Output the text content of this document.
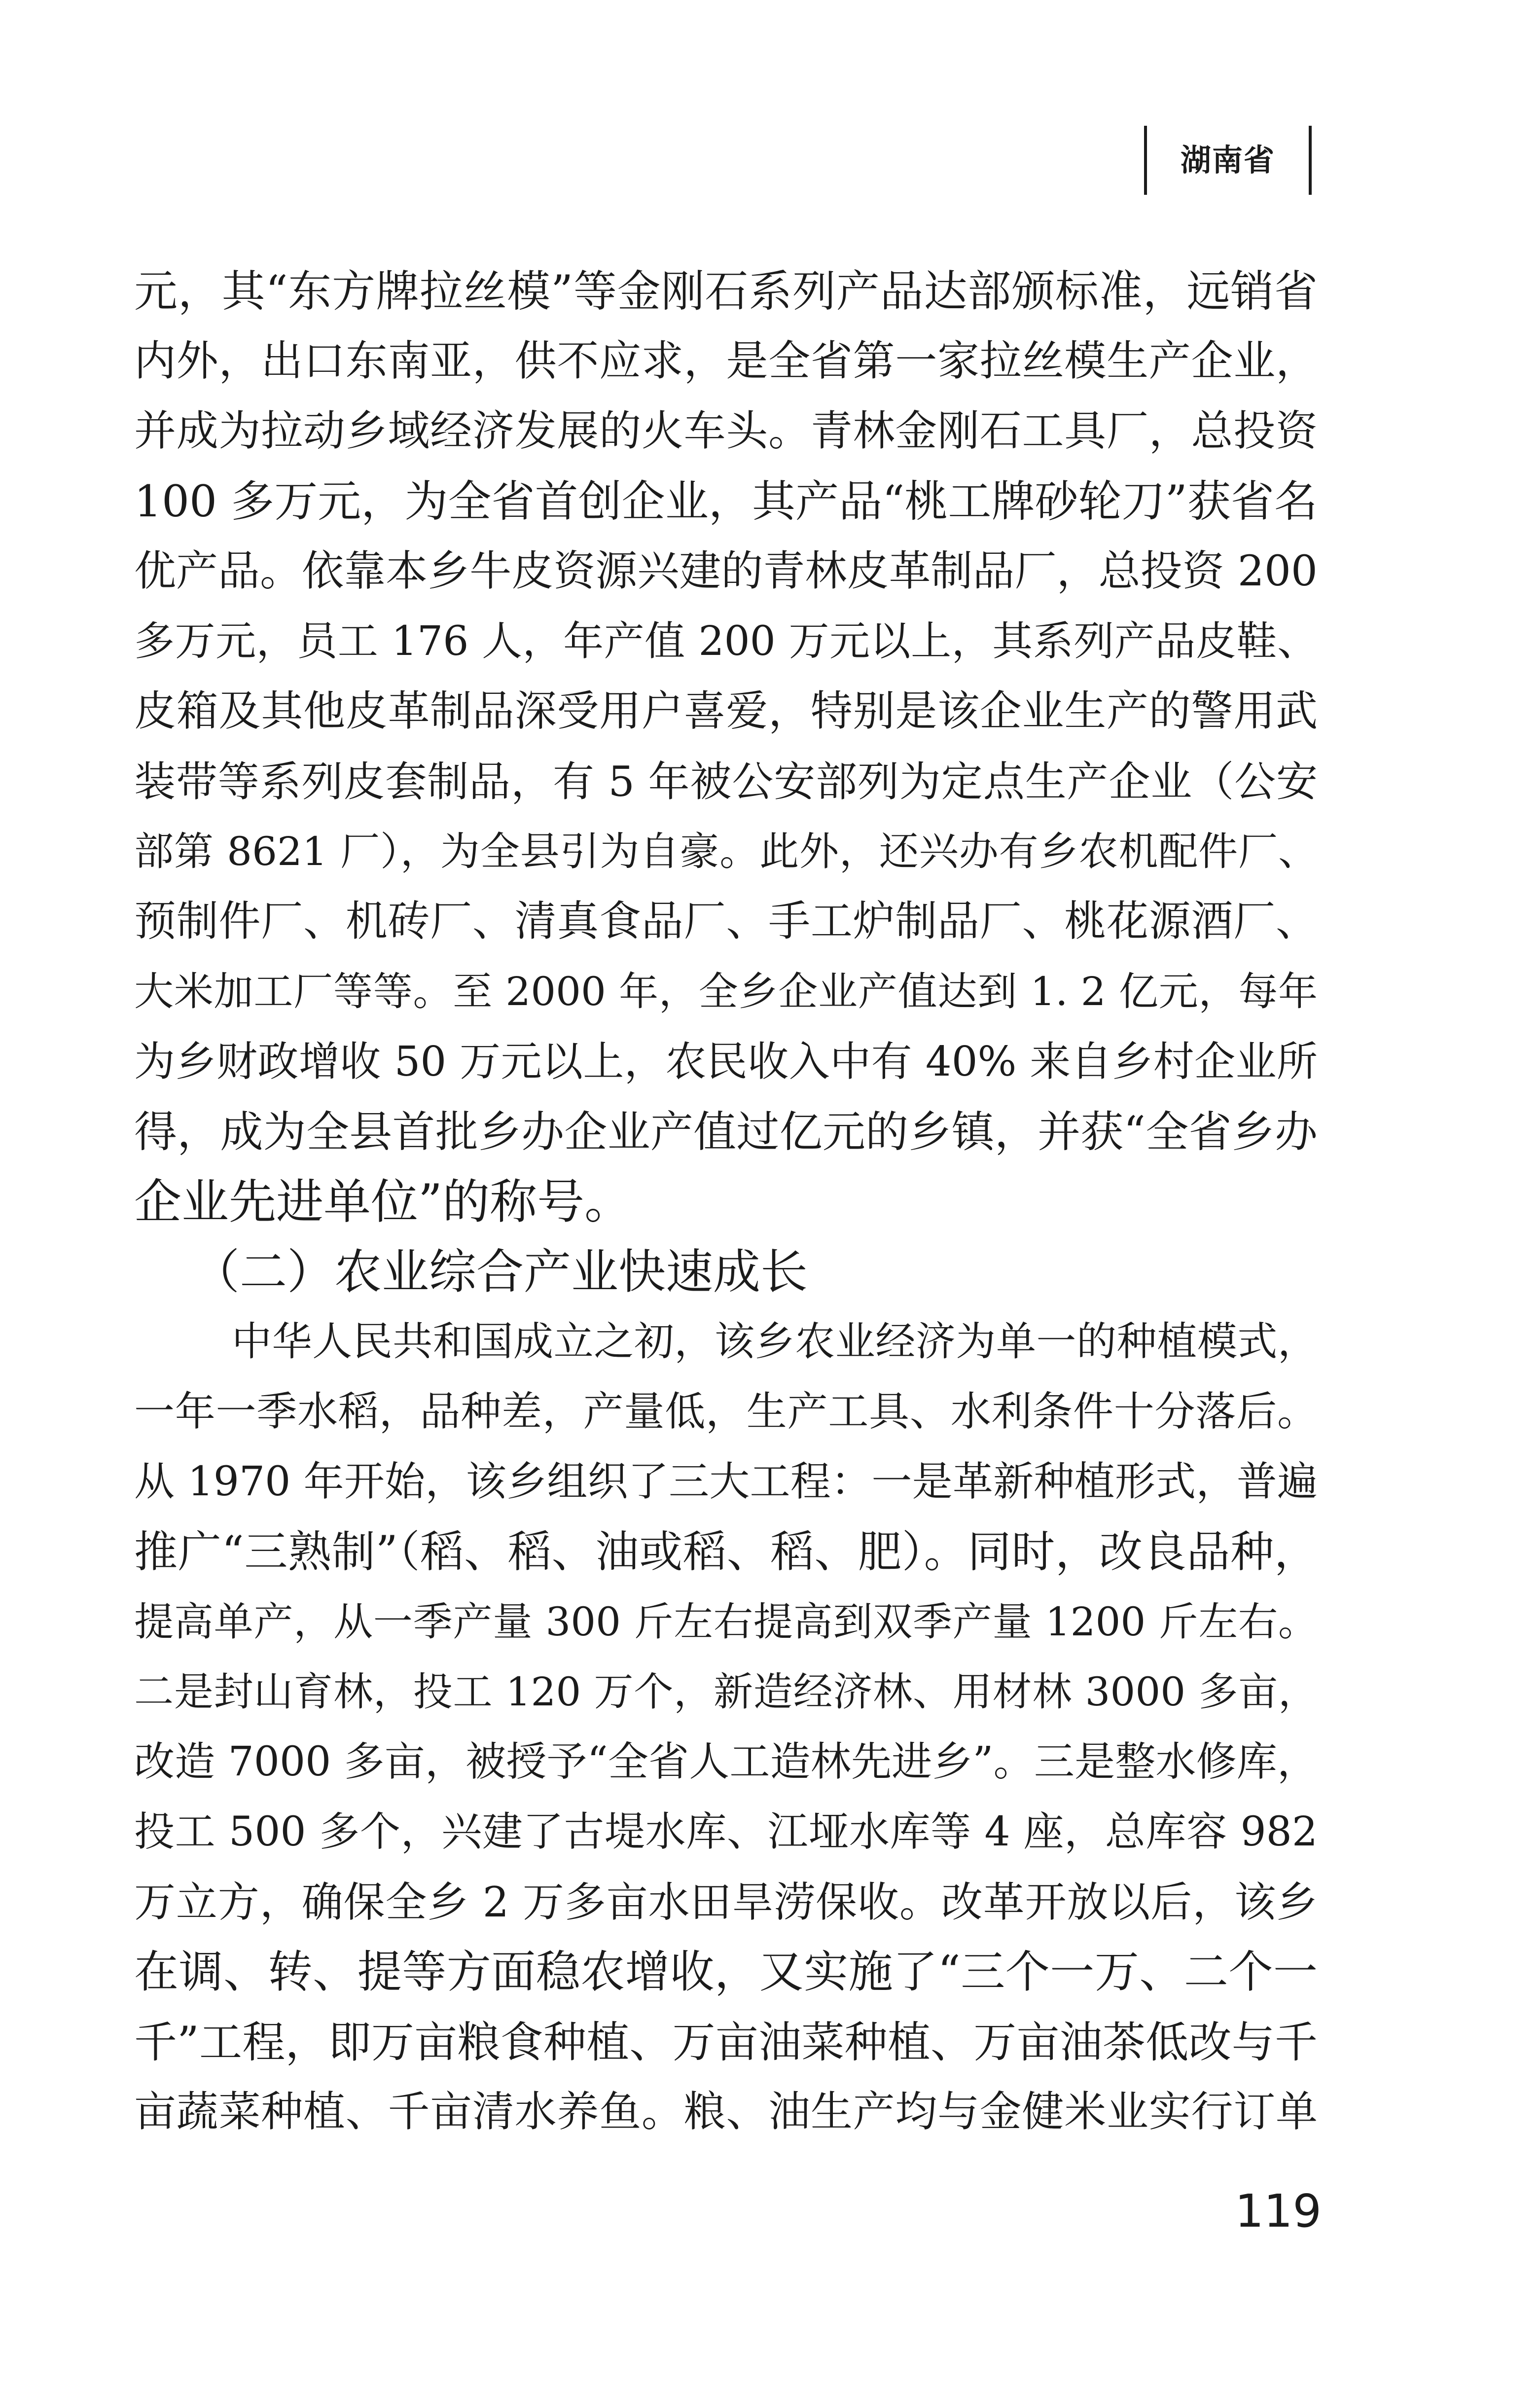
湖南省
元，其“东方牌拉丝模”等金刚石系列产品达部颁标准，远销省
内外，出口东南亚，供不应求，是全省第一家拉丝模生产企业，
并成为拉动乡域经济发展的火车头。青林金刚石工具厂，总投资
100 多万元，为全省首创企业，其产品“桃工牌砂轮刀”获省名
优产品。依靠本乡牛皮资源兴建的青林皮革制品厂，总投资 200
多万元，员工 176 人，年产值 200 万元以上，其系列产品皮鞋、
皮箱及其他皮革制品深受用户喜爱，特别是该企业生产的警用武
装带等系列皮套制品，有 5 年被公安部列为定点生产企业（公安
部第 8621 厂），为全县引为自豪。此外，还兴办有乡农机配件厂、
预制件厂、机砖厂、清真食品厂、手工炉制品厂、桃花源酒厂、
大米加工厂等等。至 2000 年，全乡企业产值达到 1. 2 亿元，每年
为乡财政增收 50 万元以上，农民收入中有 40% 来自乡村企业所
得，成为全县首批乡办企业产值过亿元的乡镇，并获“全省乡办
企业先进单位”的称号。
（二）农业综合产业快速成长
中华人民共和国成立之初，该乡农业经济为单一的种植模式，
一年一季水稻，品种差，产量低，生产工具、水利条件十分落后。
从 1970 年开始，该乡组织了三大工程：一是革新种植形式，普遍
推广“三熟制”（稻、稻、油或稻、稻、肥）。同时，改良品种，
提高单产，从一季产量 300 斤左右提高到双季产量 1200 斤左右。
二是封山育林，投工 120 万个，新造经济林、用材林 3000 多亩，
改造 7000 多亩，被授予“全省人工造林先进乡”。三是整水修库，
投工 500 多个，兴建了古堤水库、江垭水库等 4 座，总库容 982
万立方，确保全乡 2 万多亩水田旱涝保收。改革开放以后，该乡
在调、转、提等方面稳农增收，又实施了“三个一万、二个一
千”工程，即万亩粮食种植、万亩油菜种植、万亩油茶低改与千
亩蔬菜种植、千亩清水养鱼。粮、油生产均与金健米业实行订单
119
